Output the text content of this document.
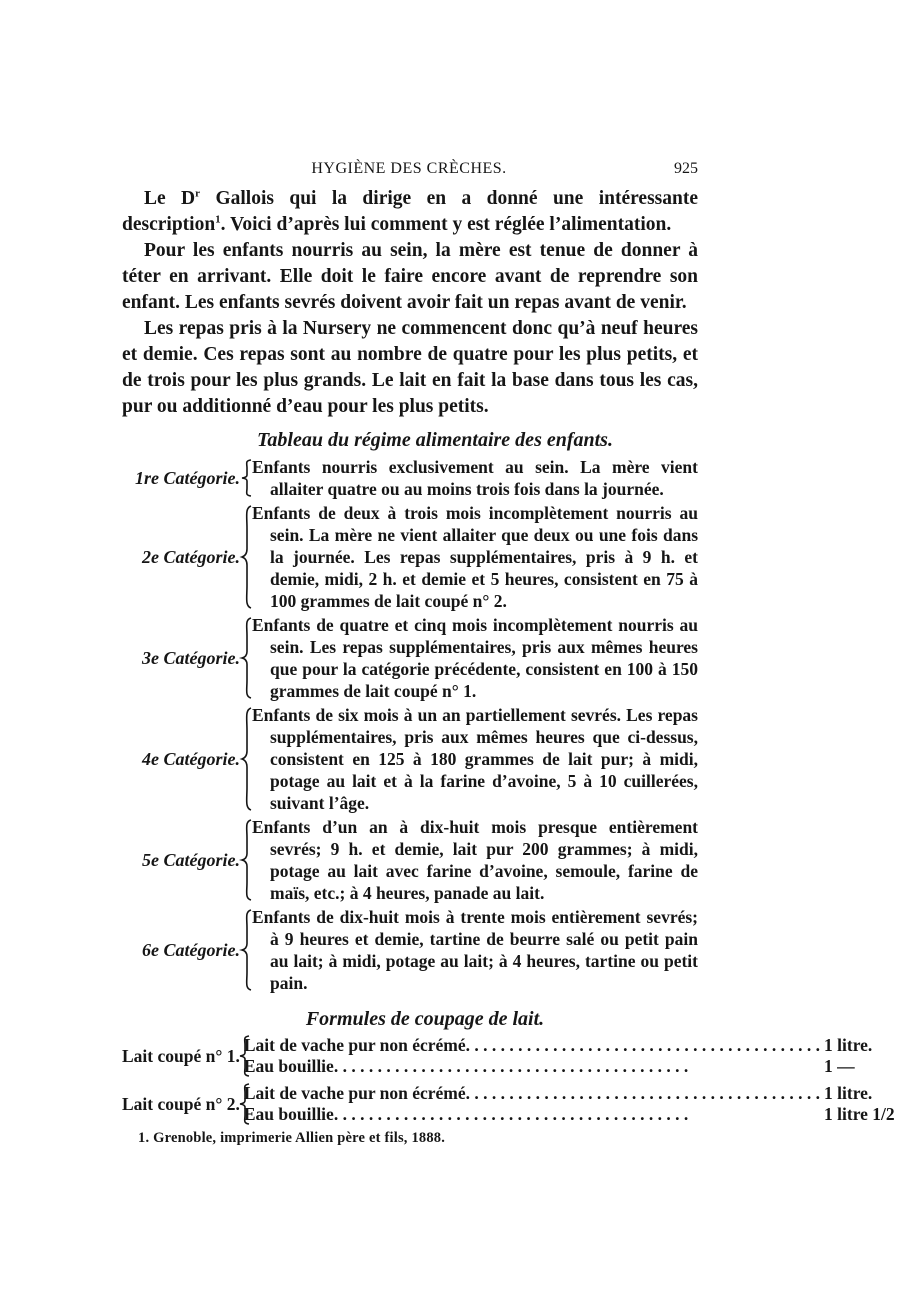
HYGIÈNE DES CRÈCHES.	925

Le $D^r$ Gallois qui la dirige en a donné une intéressante description$^1$. Voici d’après lui comment y est réglée l’alimentation.

Pour les enfants nourris au sein, la mère est tenue de donner à téter en arrivant. Elle doit le faire encore avant de reprendre son enfant. Les enfants sevrés doivent avoir fait un repas avant de venir.

Les repas pris à la Nursery ne commencent donc qu’à neuf heures et demie. Ces repas sont au nombre de quatre pour les plus petits, et de trois pour les plus grands. Le lait en fait la base dans tous les cas, pur ou additionné d’eau pour les plus petits.

Tableau du régime alimentaire des enfants.
1re Catégorie.
Enfants nourris exclusivement au sein. La mère vient allaiter quatre ou au moins trois fois dans la journée.
2e Catégorie.
Enfants de deux à trois mois incomplètement nourris au sein. La mère ne vient allaiter que deux ou une fois dans la journée. Les repas supplémentaires, pris à 9 h. et demie, midi, 2 h. et demie et 5 heures, consistent en 75 à 100 grammes de lait coupé n° 2.
3e Catégorie.
Enfants de quatre et cinq mois incomplètement nourris au sein. Les repas supplémentaires, pris aux mêmes heures que pour la catégorie précédente, consistent en 100 à 150 grammes de lait coupé n° 1.
4e Catégorie.
Enfants de six mois à un an partiellement sevrés. Les repas supplémentaires, pris aux mêmes heures que ci-dessus, consistent en 125 à 180 grammes de lait pur; à midi, potage au lait et à la farine d’avoine, 5 à 10 cuillerées, suivant l’âge.
5e Catégorie.
Enfants d’un an à dix-huit mois presque entièrement sevrés; 9 h. et demie, lait pur 200 grammes; à midi, potage au lait avec farine d’avoine, semoule, farine de maïs, etc.; à 4 heures, panade au lait.
6e Catégorie.
Enfants de dix-huit mois à trente mois entièrement sevrés; à 9 heures et demie, tartine de beurre salé ou petit pain au lait; à midi, potage au lait; à 4 heures, tartine ou petit pain.
Formules de coupage de lait.
Lait coupé n° 1.
Lait de vache pur non écrémé . . . . . . . . . . . . . . . . . . . . . . . . . . . . . . . . . . . . . . . . . 1 litre.
Eau bouillie . . . . . . . . . . . . . . . . . . . . . . . . . . . . . . . . . . . . . . . . .	1 —
Lait coupé n° 2.
Lait de vache pur non écrémé . . . . . . . . . . . . . . . . . . . . . . . . . . . . . . . . . . . . . . . . . 1 litre.
Eau bouillie . . . . . . . . . . . . . . . . . . . . . . . . . . . . . . . . . . . . . . . . .	1 litre 1/2
1. Grenoble, imprimerie Allien père et fils, 1888.
